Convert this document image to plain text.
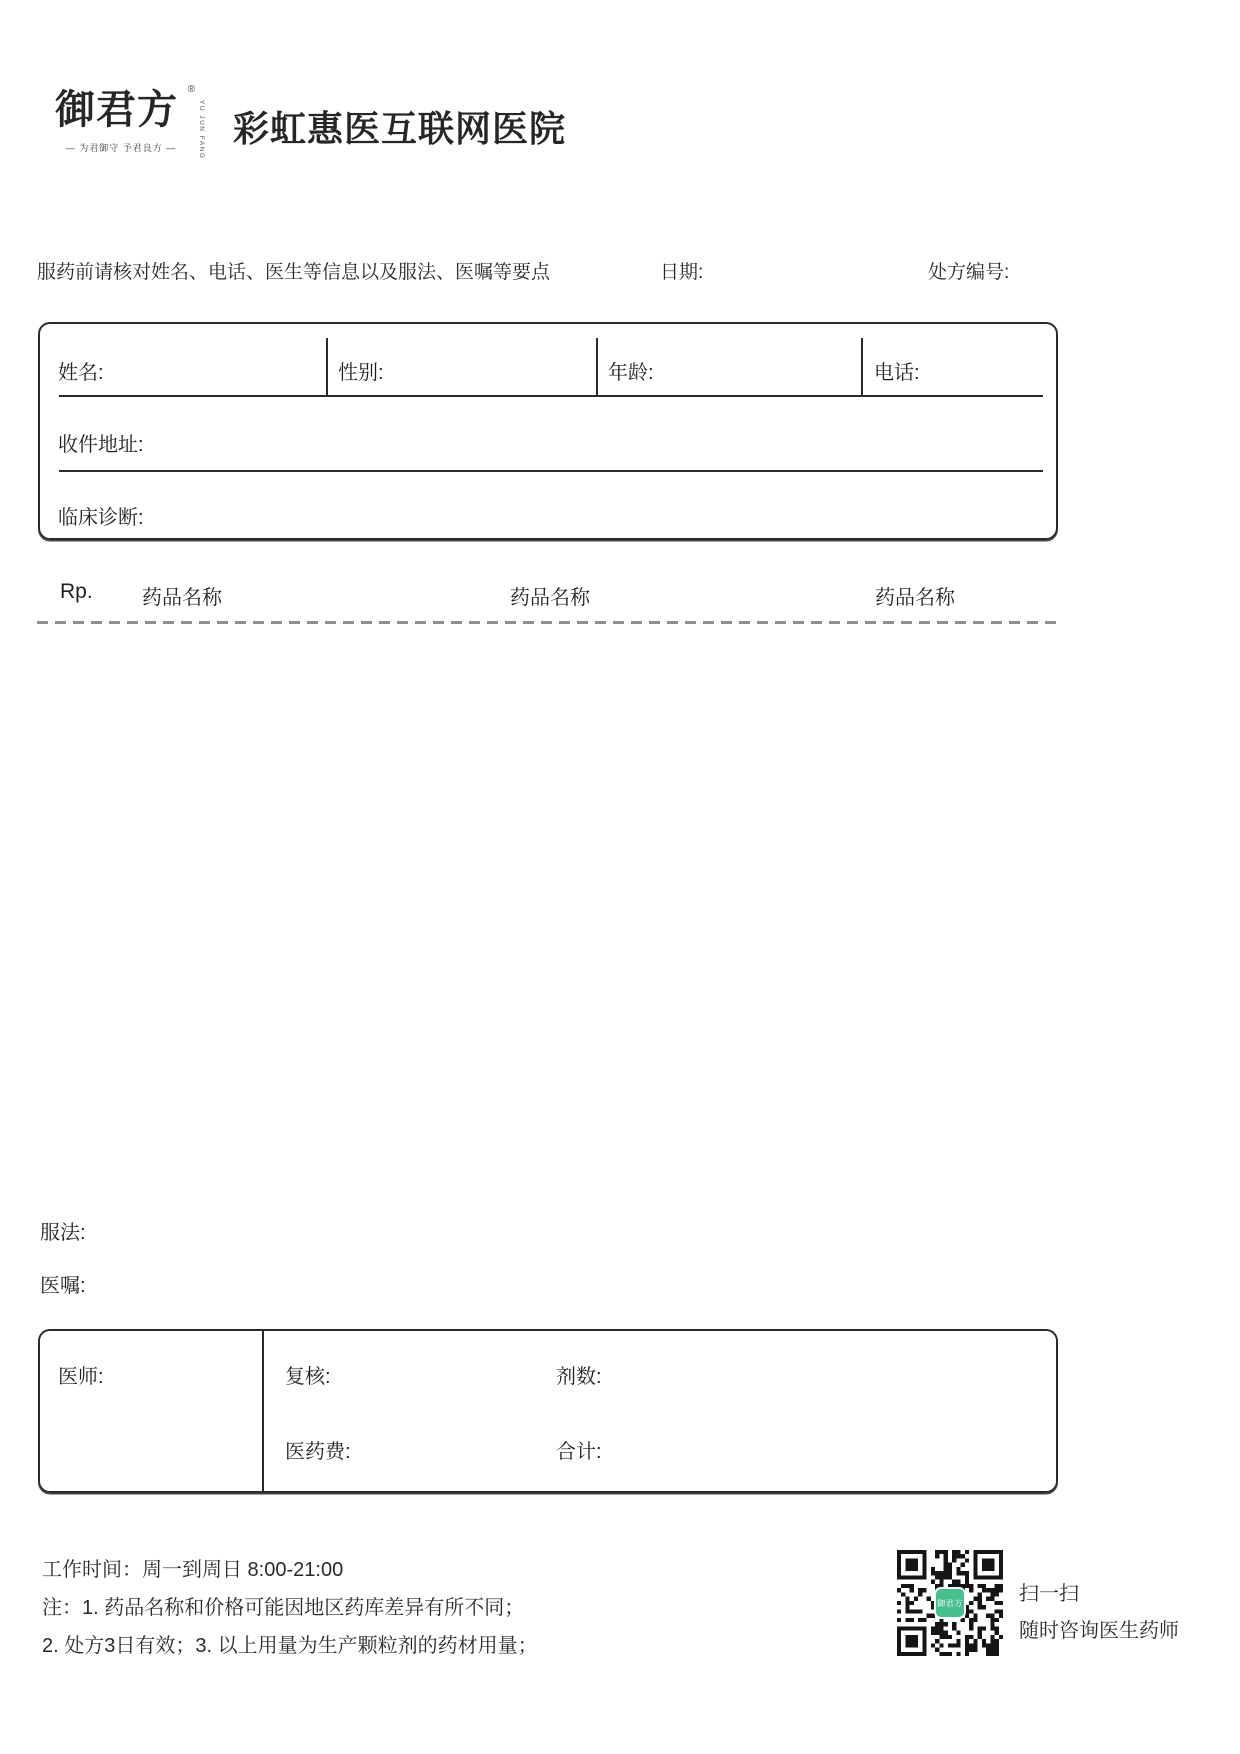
御君方 ®
YU JUN FANG
— 为君御守 予君良方 — 彩虹惠医互联网医院
服药前请核对姓名、电话、医生等信息以及服法、医嘱等要点	日期:	处方编号:
姓名:	性别:	年龄:	电话:
收件地址:
临床诊断:
Rp. 药品名称	药品名称	药品名称
服法:
医嘱:
医师:	复核:	剂数:
医药费:	合计:
工作时间：周一到周日 8:00-21:00
注：1. 药品名称和价格可能因地区药库差异有所不同；
2. 处方3日有效；3. 以上用量为生产颗粒剂的药材用量；
御君方	扫一扫
随时咨询医生药师
